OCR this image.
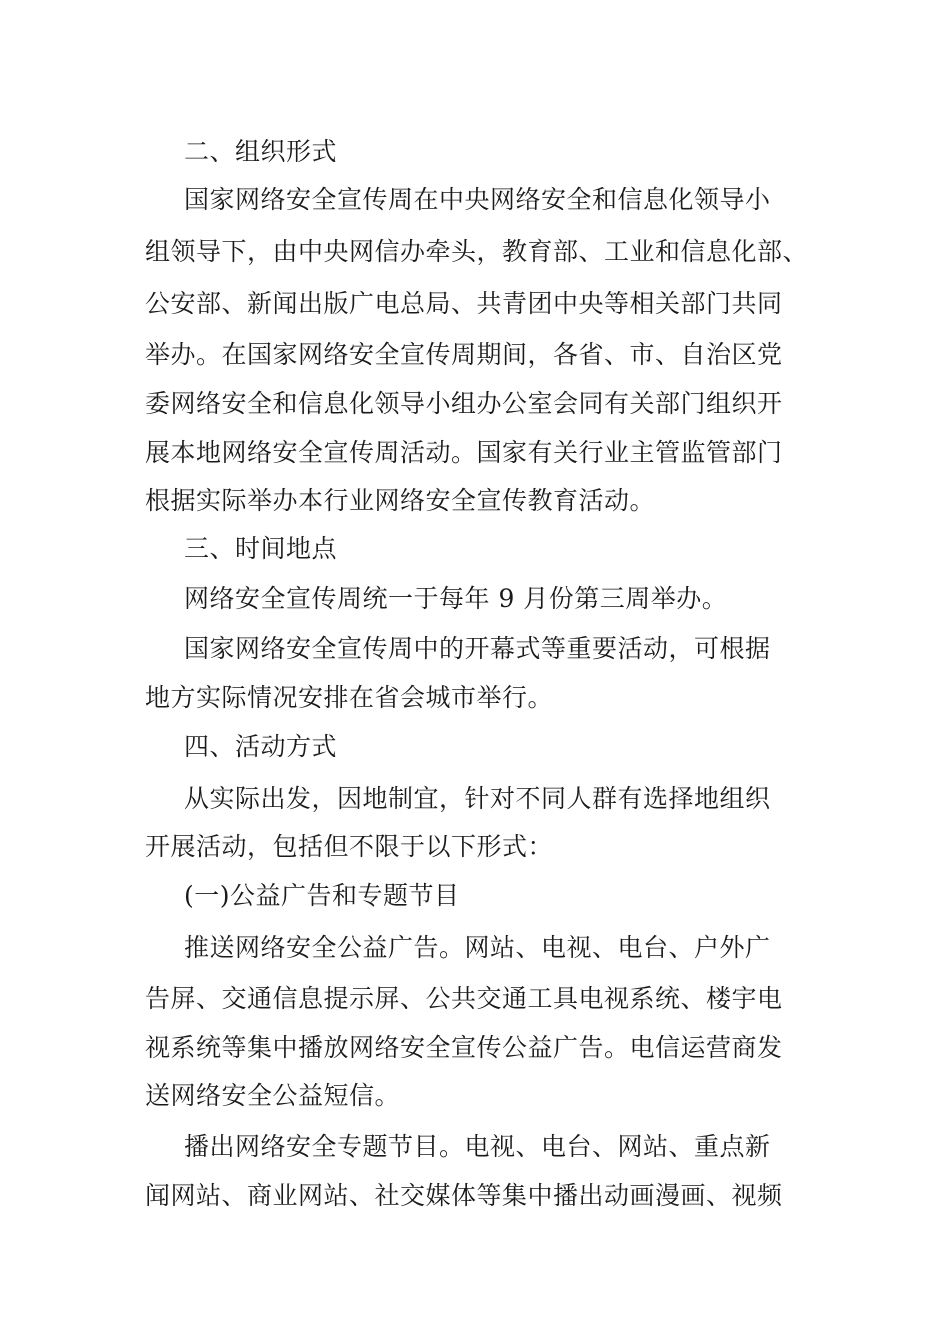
二、组织形式
国家网络安全宣传周在中央网络安全和信息化领导小
组领导下，由中央网信办牵头，教育部、工业和信息化部、
公安部、新闻出版广电总局、共青团中央等相关部门共同
举办。在国家网络安全宣传周期间，各省、市、自治区党
委网络安全和信息化领导小组办公室会同有关部门组织开
展本地网络安全宣传周活动。国家有关行业主管监管部门
根据实际举办本行业网络安全宣传教育活动。
三、时间地点
网络安全宣传周统一于每年 9 月份第三周举办。
国家网络安全宣传周中的开幕式等重要活动，可根据
地方实际情况安排在省会城市举行。
四、活动方式
从实际出发，因地制宜，针对不同人群有选择地组织
开展活动，包括但不限于以下形式：
(一)公益广告和专题节目
推送网络安全公益广告。网站、电视、电台、户外广
告屏、交通信息提示屏、公共交通工具电视系统、楼宇电
视系统等集中播放网络安全宣传公益广告。电信运营商发
送网络安全公益短信。
播出网络安全专题节目。电视、电台、网站、重点新
闻网站、商业网站、社交媒体等集中播出动画漫画、视频
